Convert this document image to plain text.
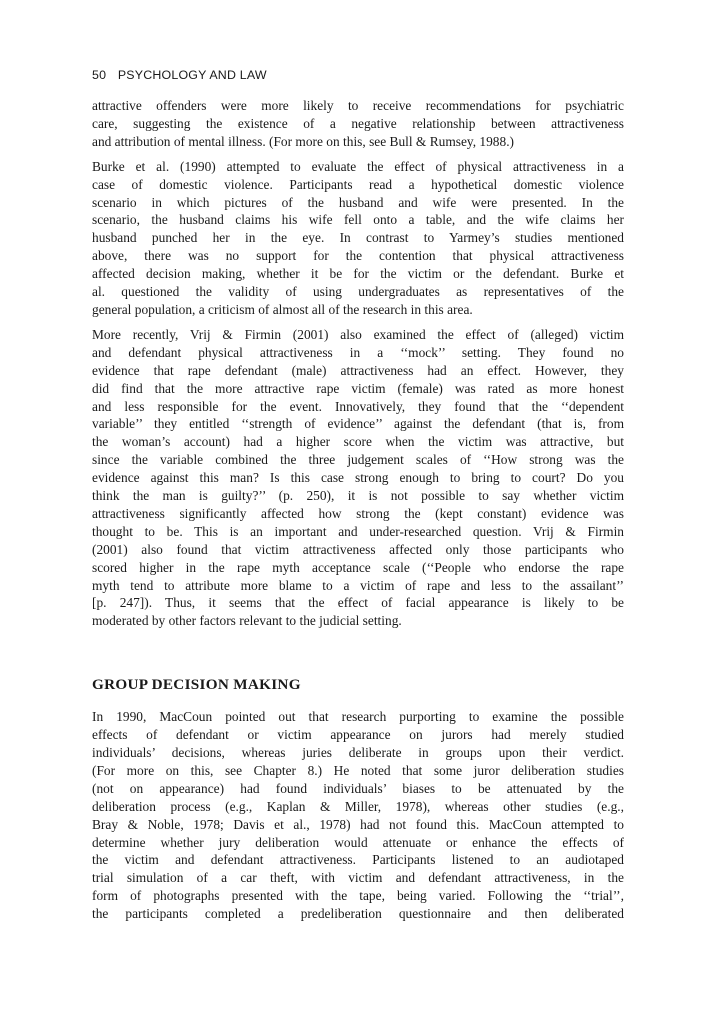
50 PSYCHOLOGY AND LAW

attractive offenders were more likely to receive recommendations for psychiatric
care, suggesting the existence of a negative relationship between attractiveness
and attribution of mental illness. (For more on this, see Bull & Rumsey, 1988.)

Burke et al. (1990) attempted to evaluate the effect of physical attractiveness in a
case of domestic violence. Participants read a hypothetical domestic violence
scenario in which pictures of the husband and wife were presented. In the
scenario, the husband claims his wife fell onto a table, and the wife claims her
husband punched her in the eye. In contrast to Yarmey’s studies mentioned
above, there was no support for the contention that physical attractiveness
affected decision making, whether it be for the victim or the defendant. Burke et
al. questioned the validity of using undergraduates as representatives of the
general population, a criticism of almost all of the research in this area.

More recently, Vrij & Firmin (2001) also examined the effect of (alleged) victim
and defendant physical attractiveness in a ‘‘mock’’ setting. They found no
evidence that rape defendant (male) attractiveness had an effect. However, they
did find that the more attractive rape victim (female) was rated as more honest
and less responsible for the event. Innovatively, they found that the ‘‘dependent
variable’’ they entitled ‘‘strength of evidence’’ against the defendant (that is, from
the woman’s account) had a higher score when the victim was attractive, but
since the variable combined the three judgement scales of ‘‘How strong was the
evidence against this man? Is this case strong enough to bring to court? Do you
think the man is guilty?’’ (p. 250), it is not possible to say whether victim
attractiveness significantly affected how strong the (kept constant) evidence was
thought to be. This is an important and under-researched question. Vrij & Firmin
(2001) also found that victim attractiveness affected only those participants who
scored higher in the rape myth acceptance scale (‘‘People who endorse the rape
myth tend to attribute more blame to a victim of rape and less to the assailant’’
[p. 247]). Thus, it seems that the effect of facial appearance is likely to be
moderated by other factors relevant to the judicial setting.

GROUP DECISION MAKING

In 1990, MacCoun pointed out that research purporting to examine the possible
effects of defendant or victim appearance on jurors had merely studied
individuals’ decisions, whereas juries deliberate in groups upon their verdict.
(For more on this, see Chapter 8.) He noted that some juror deliberation studies
(not on appearance) had found individuals’ biases to be attenuated by the
deliberation process (e.g., Kaplan & Miller, 1978), whereas other studies (e.g.,
Bray & Noble, 1978; Davis et al., 1978) had not found this. MacCoun attempted to
determine whether jury deliberation would attenuate or enhance the effects of
the victim and defendant attractiveness. Participants listened to an audiotaped
trial simulation of a car theft, with victim and defendant attractiveness, in the
form of photographs presented with the tape, being varied. Following the ‘‘trial’’,
the participants completed a predeliberation questionnaire and then deliberated
